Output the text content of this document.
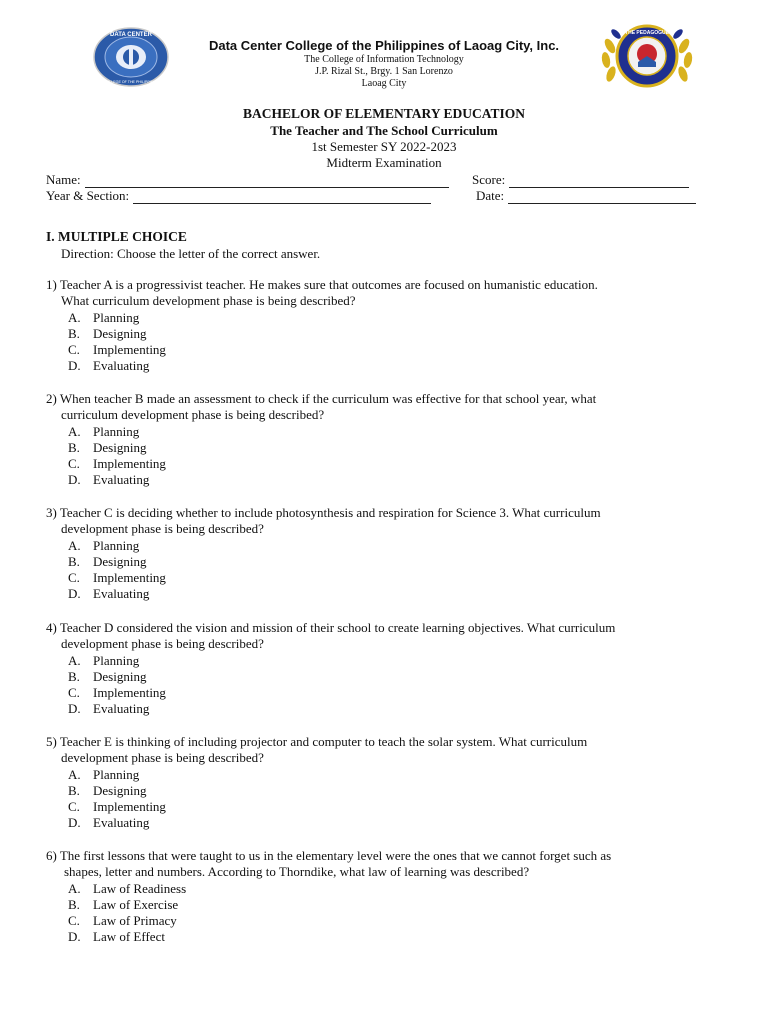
DATA CENTER
COLLEGE OF THE PHILIPPINES
THE PEDAGOGUE
Data Center College of the Philippines of Laoag City, Inc.
The College of Information Technology
J.P. Rizal St., Brgy. 1 San Lorenzo
Laoag City
BACHELOR OF ELEMENTARY EDUCATION
The Teacher and The School Curriculum
1st Semester SY 2022-2023
Midterm Examination
Name:	Score:
Year & Section:	Date:
I. MULTIPLE CHOICE
Direction: Choose the letter of the correct answer.
1) Teacher A is a progressivist teacher. He makes sure that outcomes are focused on humanistic education.
What curriculum development phase is being described?
A. Planning
B.	Designing
C.	Implementing
D. Evaluating
2) When teacher B made an assessment to check if the curriculum was effective for that school year, what
curriculum development phase is being described?
A. Planning
B.	Designing
C.	Implementing
D. Evaluating
3) Teacher C is deciding whether to include photosynthesis and respiration for Science 3. What curriculum
development phase is being described?
A. Planning
B.	Designing
C.	Implementing
D. Evaluating
4) Teacher D considered the vision and mission of their school to create learning objectives. What curriculum
development phase is being described?
A. Planning
B.	Designing
C.	Implementing
D. Evaluating
5) Teacher E is thinking of including projector and computer to teach the solar system. What curriculum
development phase is being described?
A. Planning
B.	Designing
C.	Implementing
D. Evaluating
6) The first lessons that were taught to us in the elementary level were the ones that we cannot forget such as
shapes, letter and numbers. According to Thorndike, what law of learning was described?
A. Law of Readiness
B.	Law of Exercise
C.	Law of Primacy
D. Law of Effect
